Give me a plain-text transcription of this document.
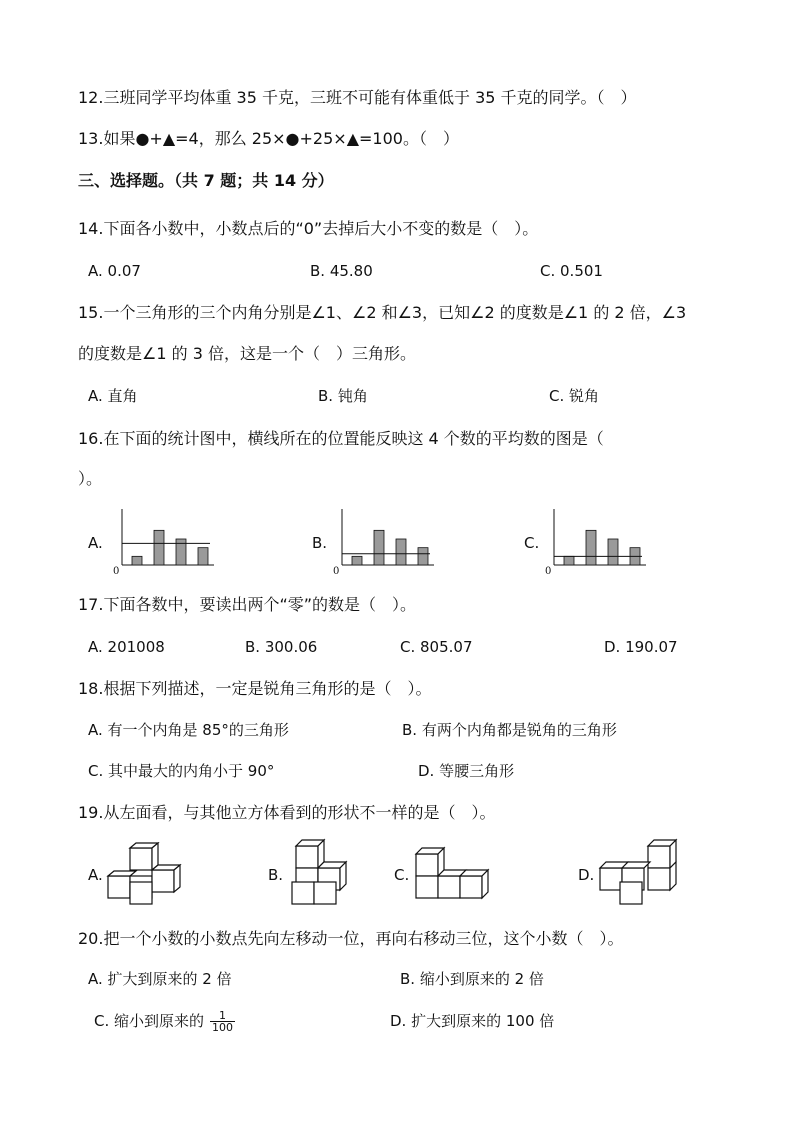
12.三班同学平均体重 35 千克，三班不可能有体重低于 35 千克的同学。（　）
13.如果●+▲=4，那么 25×●+25×▲=100。（　）
三、选择题。（共 7 题；共 14 分）
14.下面各小数中，小数点后的“0”去掉后大小不变的数是（　）。
A. 0.07	B. 45.80	C. 0.501
15.一个三角形的三个内角分别是∠1、∠2 和∠3，已知∠2 的度数是∠1 的 2 倍，∠3
的度数是∠1 的 3 倍，这是一个（　）三角形。
A. 直角	B. 钝角	C. 锐角
16.在下面的统计图中，横线所在的位置能反映这 4 个数的平均数的图是（
）。
A.
0
B.
0
C.
0
17.下面各数中，要读出两个“零”的数是（　）。
A. 201008	B. 300.06	C. 805.07	D. 190.07
18.根据下列描述，一定是锐角三角形的是（　）。
A. 有一个内角是 85°的三角形	B. 有两个内角都是锐角的三角形
C. 其中最大的内角小于 90°	D. 等腰三角形
19.从左面看，与其他立方体看到的形状不一样的是（　）。
A.	B.	C.	D.
20.把一个小数的小数点先向左移动一位，再向右移动三位，这个小数（　）。
A. 扩大到原来的 2 倍	B. 缩小到原来的 2 倍
C. 缩小到原来的 $\frac{1}{100}$	D. 扩大到原来的 100 倍
